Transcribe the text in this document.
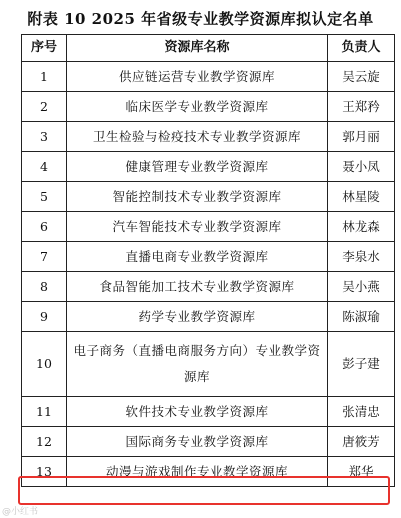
附表 10 2025 年省级专业教学资源库拟认定名单
序号	资源库名称	负责人
1	供应链运营专业教学资源库	吴云旋
2	临床医学专业教学资源库	王郑矜
3	卫生检验与检疫技术专业教学资源库	郭月丽
4	健康管理专业教学资源库	聂小凤
5	智能控制技术专业教学资源库	林星陵
6	汽车智能技术专业教学资源库	林龙森
7	直播电商专业教学资源库	李泉水
8	食品智能加工技术专业教学资源库	吴小燕
9	药学专业教学资源库	陈淑瑜
10	电子商务（直播电商服务方向）专业教学资源库	彭子建
11	软件技术专业教学资源库	张清忠
12	国际商务专业教学资源库	唐筱芳
13	动漫与游戏制作专业教学资源库	郑华
@小红书
